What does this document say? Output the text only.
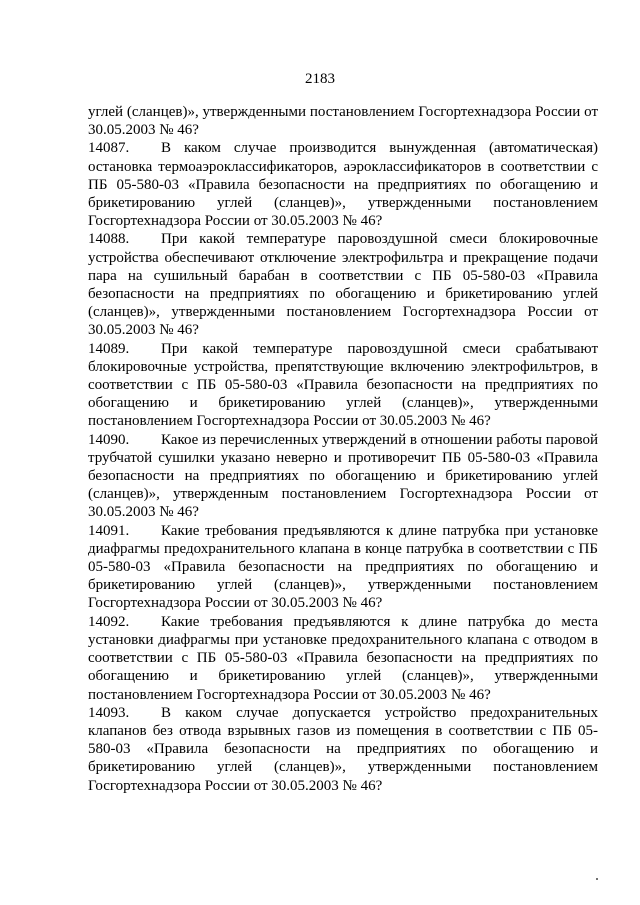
2183

углей (сланцев)», утвержденными постановлением Госгортехнадзора России от 30.05.2003 № 46?

14087. В каком случае производится вынужденная (автоматическая) остановка термоаэроклассификаторов, аэроклассификаторов в соответствии с ПБ 05-580-03 «Правила безопасности на предприятиях по обогащению и брикетированию углей (сланцев)», утвержденными постановлением Госгортехнадзора России от 30.05.2003 № 46?

14088. При какой температуре паровоздушной смеси блокировочные устройства обеспечивают отключение электрофильтра и прекращение подачи пара на сушильный барабан в соответствии с ПБ 05-580-03 «Правила безопасности на предприятиях по обогащению и брикетированию углей (сланцев)», утвержденными постановлением Госгортехнадзора России от 30.05.2003 № 46?

14089. При какой температуре паровоздушной смеси срабатывают блокировочные устройства, препятствующие включению электрофильтров, в соответствии с ПБ 05-580-03 «Правила безопасности на предприятиях по обогащению и брикетированию углей (сланцев)», утвержденными постановлением Госгортехнадзора России от 30.05.2003 № 46?

14090. Какое из перечисленных утверждений в отношении работы паровой трубчатой сушилки указано неверно и противоречит ПБ 05-580-03 «Правила безопасности на предприятиях по обогащению и брикетированию углей (сланцев)», утвержденным постановлением Госгортехнадзора России от 30.05.2003 № 46?

14091. Какие требования предъявляются к длине патрубка при установке диафрагмы предохранительного клапана в конце патрубка в соответствии с ПБ 05-580-03 «Правила безопасности на предприятиях по обогащению и брикетированию углей (сланцев)», утвержденными постановлением Госгортехнадзора России от 30.05.2003 № 46?

14092. Какие требования предъявляются к длине патрубка до места установки диафрагмы при установке предохранительного клапана с отводом в соответствии с ПБ 05-580-03 «Правила безопасности на предприятиях по обогащению и брикетированию углей (сланцев)», утвержденными постановлением Госгортехнадзора России от 30.05.2003 № 46?

14093. В каком случае допускается устройство предохранительных клапанов без отвода взрывных газов из помещения в соответствии с ПБ 05-580-03 «Правила безопасности на предприятиях по обогащению и брикетированию углей (сланцев)», утвержденными постановлением Госгортехнадзора России от 30.05.2003 № 46?
